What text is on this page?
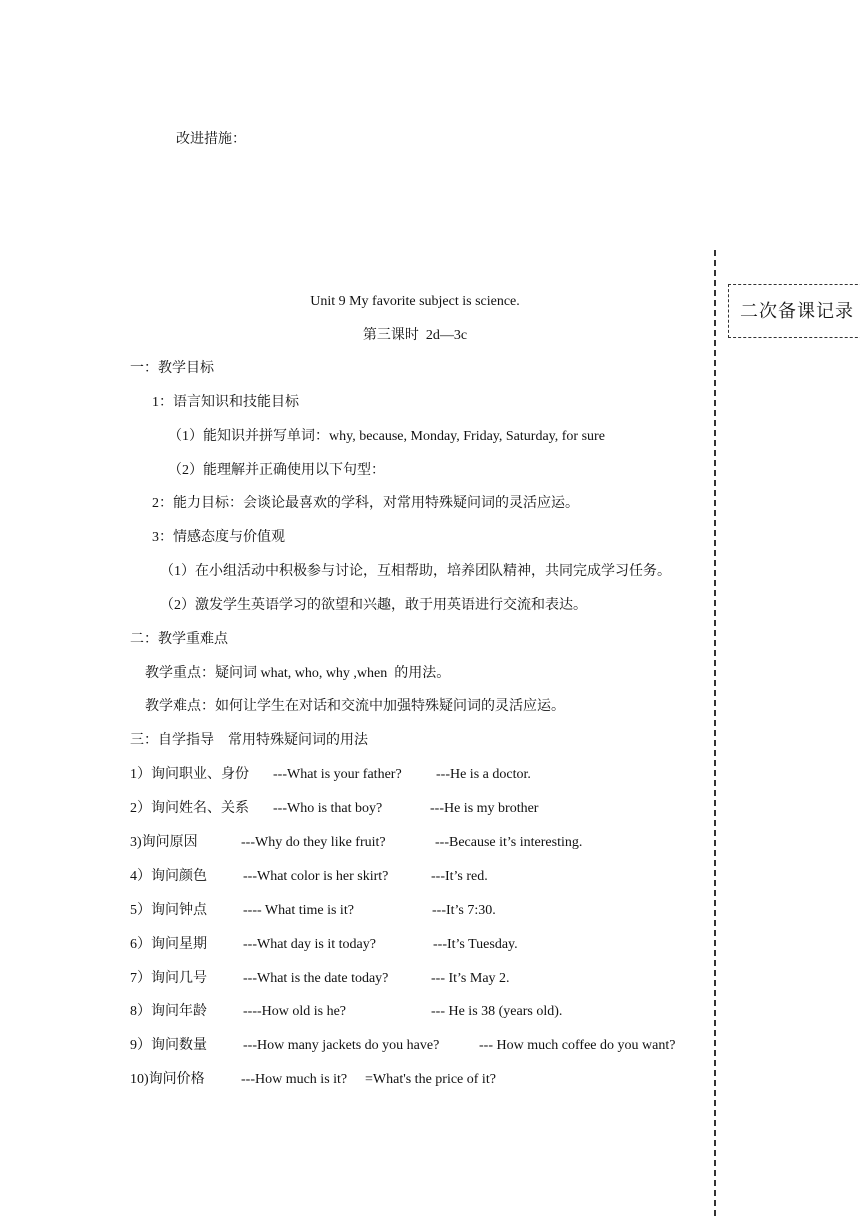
改进措施：
二次备课记录
Unit 9 My favorite subject is science.
第三课时  2d—3c
一：教学目标
1：语言知识和技能目标
（1）能知识并拼写单词：why, because, Monday, Friday, Saturday, for sure
（2）能理解并正确使用以下句型：
2：能力目标：会谈论最喜欢的学科，对常用特殊疑问词的灵活应运。
3：情感态度与价值观
（1）在小组活动中积极参与讨论，互相帮助，培养团队精神，共同完成学习任务。
（2）激发学生英语学习的欲望和兴趣，敢于用英语进行交流和表达。
二：教学重难点
教学重点：疑问词 what, who, why ,when  的用法。
教学难点：如何让学生在对话和交流中加强特殊疑问词的灵活应运。
三：自学指导    常用特殊疑问词的用法
1）询问职业、身份 ---What is your father? ---He is a doctor.
2）询问姓名、关系 ---Who is that boy?	---He is my brother
3)询问原因	---Why do they like fruit?	---Because it’s interesting.
4）询问颜色	---What color is her skirt?	---It’s red.
5）询问钟点	---- What time is it?	---It’s 7:30.
6）询问星期	---What day is it today?	---It’s Tuesday.
7）询问几号	---What is the date today?	--- It’s May 2.
8）询问年龄	----How old is he?	--- He is 38 (years old).
9）询问数量	---How many jackets do you have?	--- How much coffee do you want?
10)询问价格	---How much is it? =What's the price of it?
